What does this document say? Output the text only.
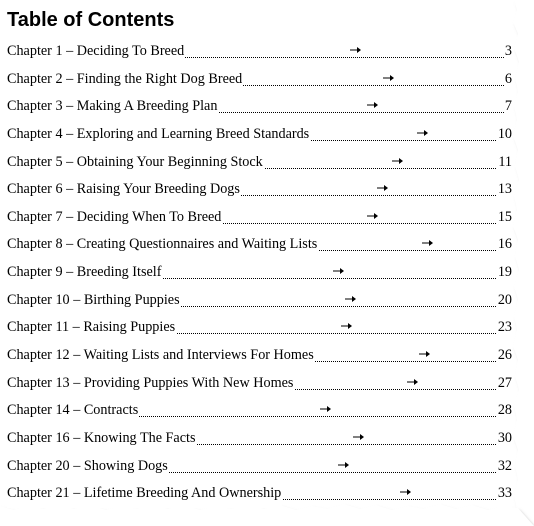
Table of Contents
Chapter 1 – Deciding To Breed	3
Chapter 2 – Finding the Right Dog Breed	6
Chapter 3 – Making A Breeding Plan	7
Chapter 4 – Exploring and Learning Breed Standards	10
Chapter 5 – Obtaining Your Beginning Stock	11
Chapter 6 – Raising Your Breeding Dogs	13
Chapter 7 – Deciding When To Breed	15
Chapter 8 – Creating Questionnaires and Waiting Lists	16
Chapter 9 – Breeding Itself	19
Chapter 10 – Birthing Puppies	20
Chapter 11 – Raising Puppies	23
Chapter 12 – Waiting Lists and Interviews For Homes	26
Chapter 13 – Providing Puppies With New Homes	27
Chapter 14 – Contracts	28
Chapter 16 – Knowing The Facts	30
Chapter 20 – Showing Dogs	32
Chapter 21 – Lifetime Breeding And Ownership	33
